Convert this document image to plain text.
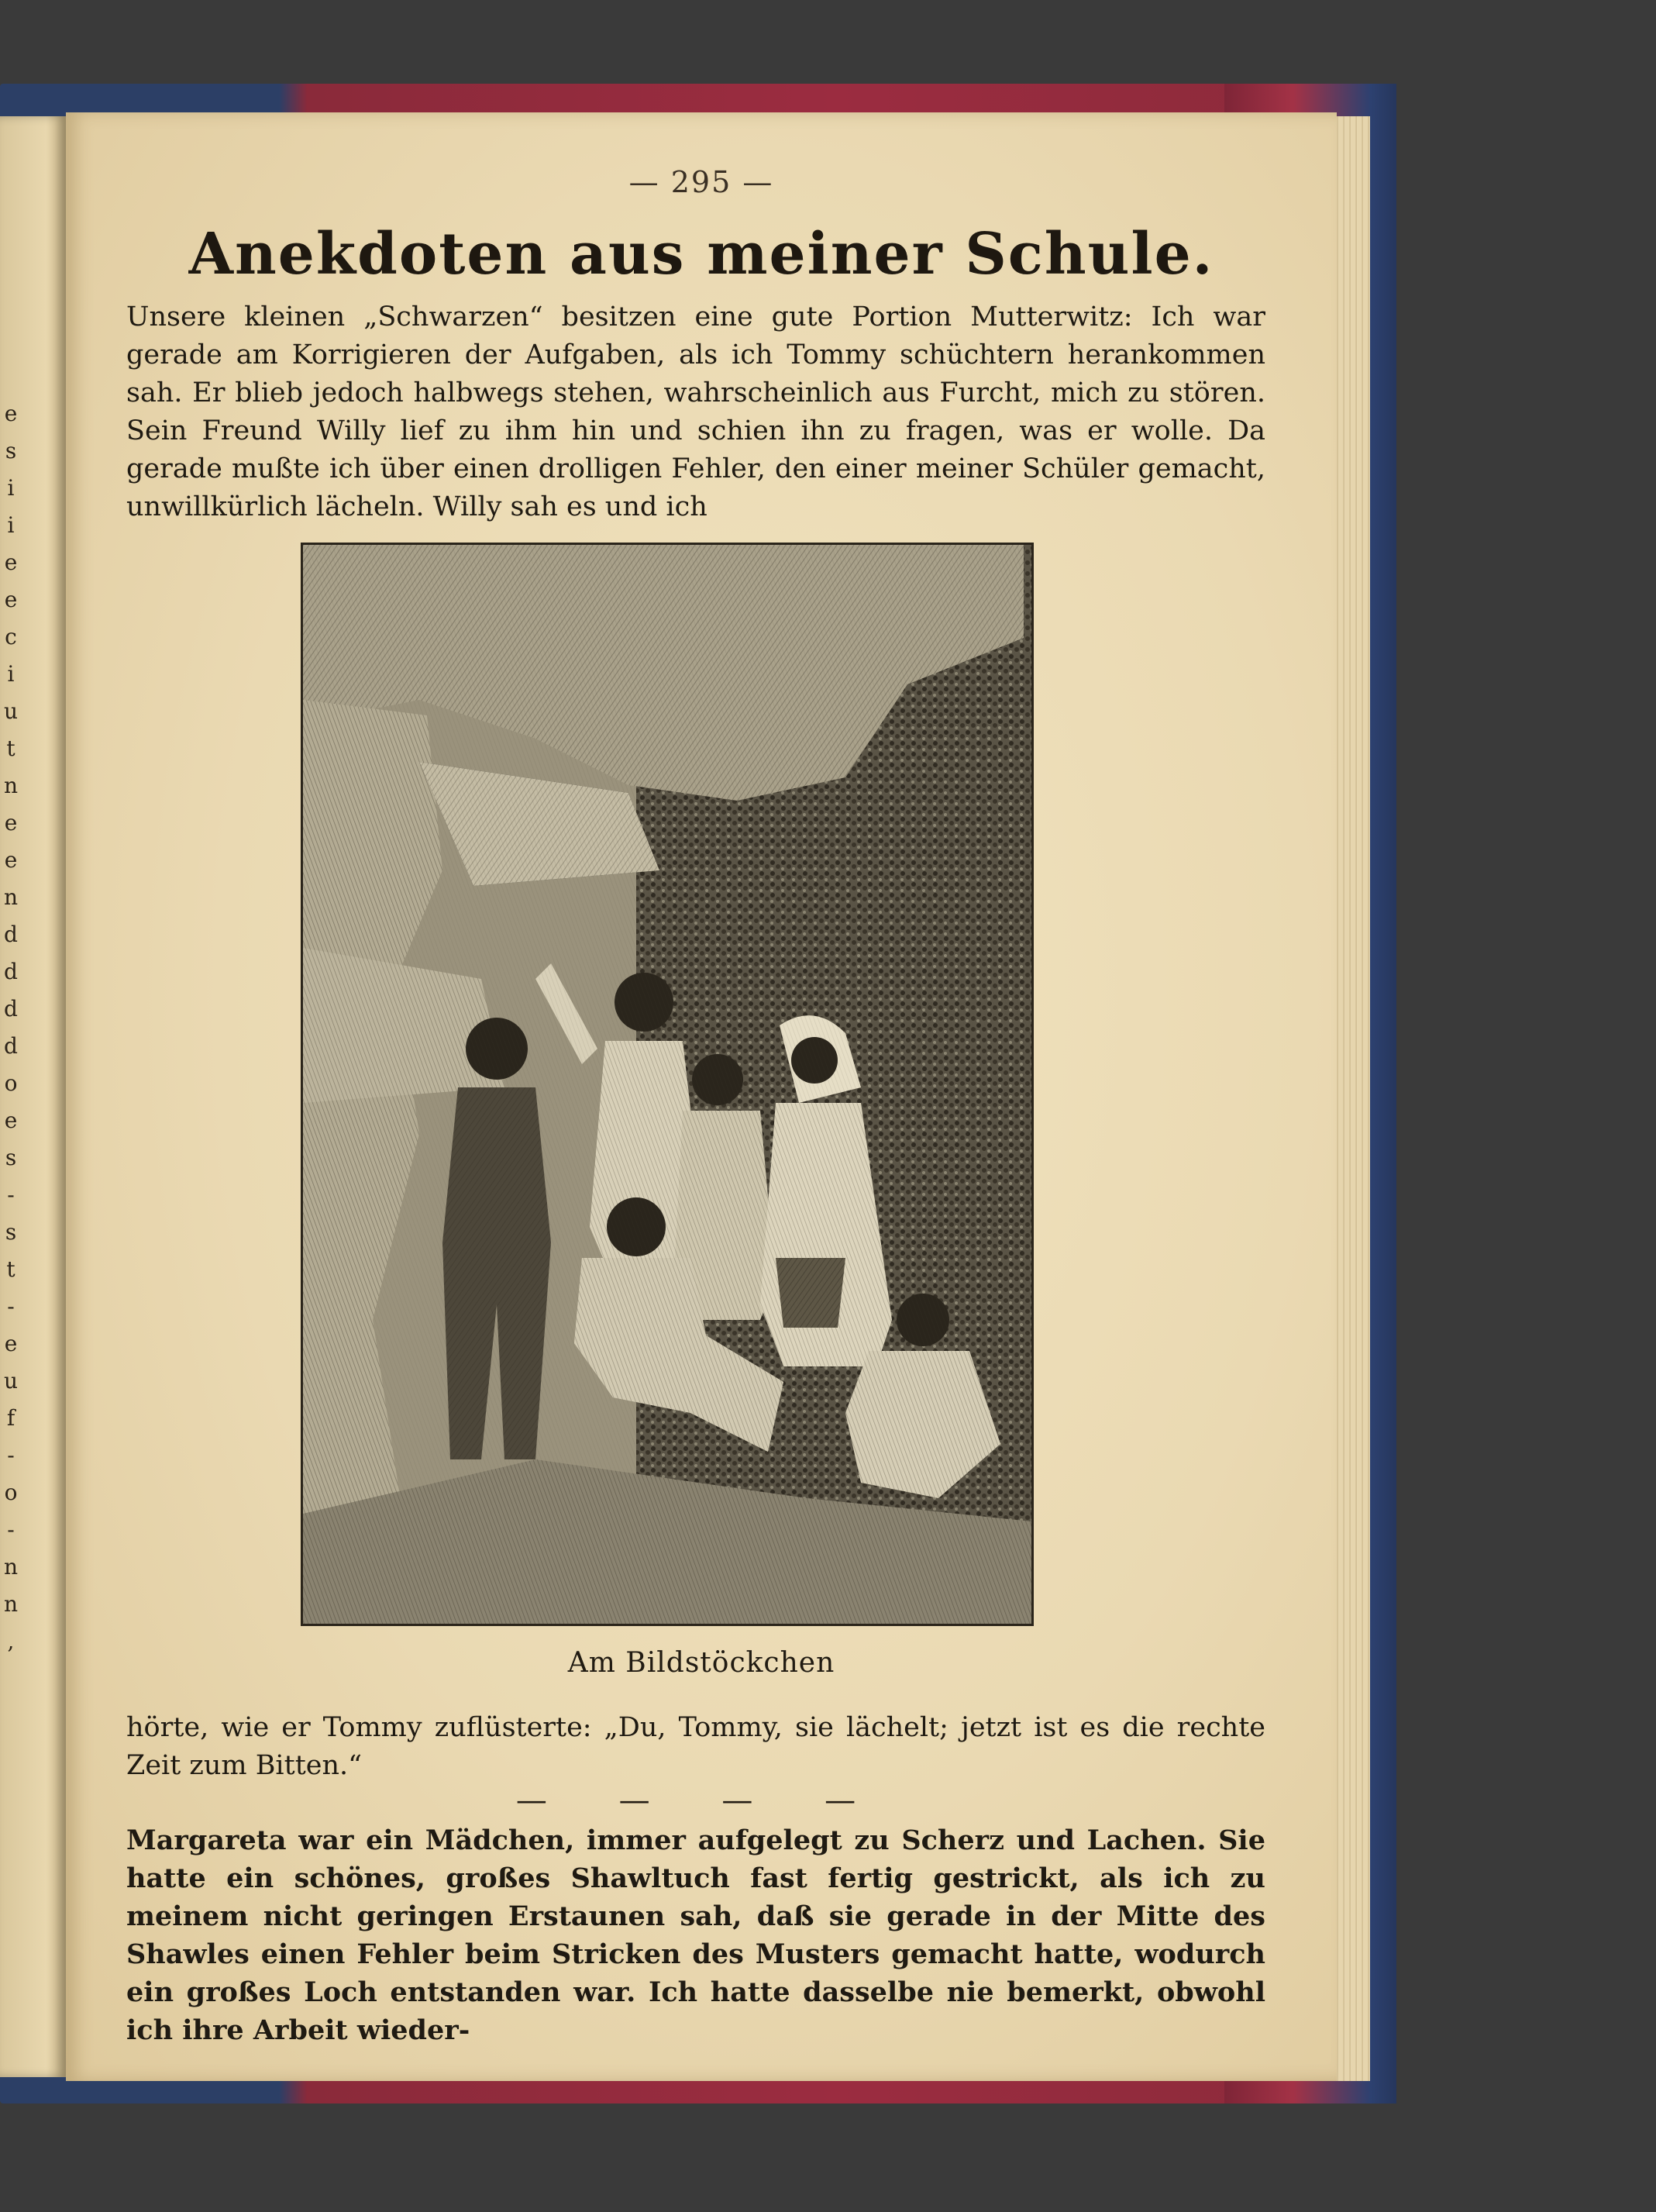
e
s
i
i
e
e
c
i
u
t
n
e
e
n
d
d
d
d
o
e
s
-
s
t
-
e
u
f
-
o
-
n
n
,
— 295 —
Anekdoten aus meiner Schule.

Unsere kleinen „Schwarzen“ besitzen eine gute Portion Mutterwitz: Ich war gerade am Korrigieren der Aufgaben, als ich Tommy schüchtern herankommen sah. Er blieb jedoch halbwegs stehen, wahrscheinlich aus Furcht, mich zu stören. Sein Freund Willy lief zu ihm hin und schien ihn zu fragen, was er wolle. Da gerade mußte ich über einen drolligen Fehler, den einer meiner Schüler gemacht, unwillkürlich lächeln. Willy sah es und ich

Am Bildstöckchen

hörte, wie er Tommy zuflüsterte: „Du, Tommy, sie lächelt; jetzt ist es die rechte Zeit zum Bitten.“

— — — —

Margareta war ein Mädchen, immer aufgelegt zu Scherz und Lachen. Sie hatte ein schönes, großes Shawltuch fast fertig gestrickt, als ich zu meinem nicht geringen Erstaunen sah, daß sie gerade in der Mitte des Shawles einen Fehler beim Stricken des Musters gemacht hatte, wodurch ein großes Loch entstanden war. Ich hatte dasselbe nie bemerkt, obwohl ich ihre Arbeit wieder-
